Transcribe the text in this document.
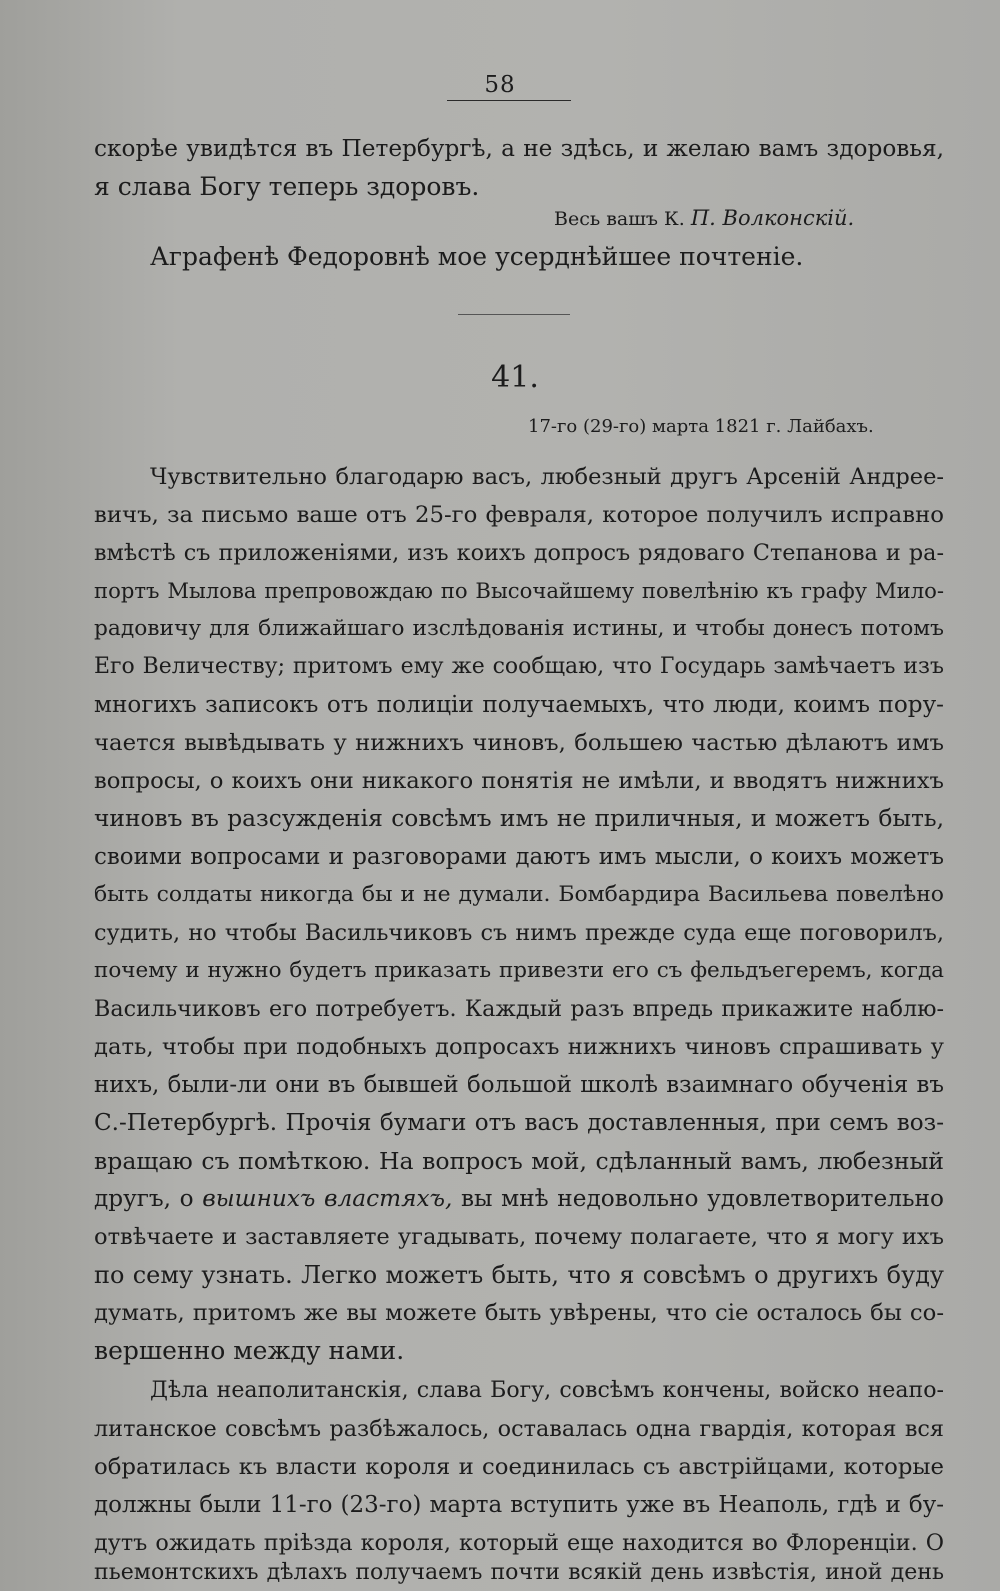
58
скорѣе увидѣтся въ Петербургѣ, а не здѣсь, и желаю вамъ здоровья,
я слава Богу теперь здоровъ.
Весь вашъ К. П. Волконскій.
Аграфенѣ Федоровнѣ мое усерднѣйшее почтеніе.
41.
17-го (29-го) марта 1821 г. Лайбахъ.
Чувствительно благодарю васъ, любезный другъ Арсеній Андрее-
вичъ, за письмо ваше отъ 25-го февраля, которое получилъ исправно
вмѣстѣ съ приложеніями, изъ коихъ допросъ рядоваго Степанова и ра-
портъ Мылова препровождаю по Высочайшему повелѣнію къ графу Мило-
радовичу для ближайшаго изслѣдованія истины, и чтобы донесъ потомъ
Его Величеству; притомъ ему же сообщаю, что Государь замѣчаетъ изъ
многихъ записокъ отъ полиціи получаемыхъ, что люди, коимъ пору-
чается вывѣдывать у нижнихъ чиновъ, большею частью дѣлаютъ имъ
вопросы, о коихъ они никакого понятія не имѣли, и вводятъ нижнихъ
чиновъ въ разсужденія совсѣмъ имъ не приличныя, и можетъ быть,
своими вопросами и разговорами даютъ имъ мысли, о коихъ можетъ
быть солдаты никогда бы и не думали. Бомбардира Васильева повелѣно
судить, но чтобы Васильчиковъ съ нимъ прежде суда еще поговорилъ,
почему и нужно будетъ приказать привезти его съ фельдъегеремъ, когда
Васильчиковъ его потребуетъ. Каждый разъ впредь прикажите наблю-
дать, чтобы при подобныхъ допросахъ нижнихъ чиновъ спрашивать у
нихъ, были-ли они въ бывшей большой школѣ взаимнаго обученія въ
С.-Петербургѣ. Прочія бумаги отъ васъ доставленныя, при семъ воз-
вращаю съ помѣткою. На вопросъ мой, сдѣланный вамъ, любезный
другъ, о вышнихъ властяхъ, вы мнѣ недовольно удовлетворительно
отвѣчаете и заставляете угадывать, почему полагаете, что я могу ихъ
по сему узнать. Легко можетъ быть, что я совсѣмъ о другихъ буду
думать, притомъ же вы можете быть увѣрены, что сіе осталось бы со-
вершенно между нами.
Дѣла неаполитанскія, слава Богу, совсѣмъ кончены, войско неапо-
литанское совсѣмъ разбѣжалось, оставалась одна гвардія, которая вся
обратилась къ власти короля и соединилась съ австрійцами, которые
должны были 11-го (23-го) марта вступить уже въ Неаполь, гдѣ и бу-
дутъ ожидать пріѣзда короля, который еще находится во Флоренціи. О
пьемонтскихъ дѣлахъ получаемъ почти всякій день извѣстія, иной день
